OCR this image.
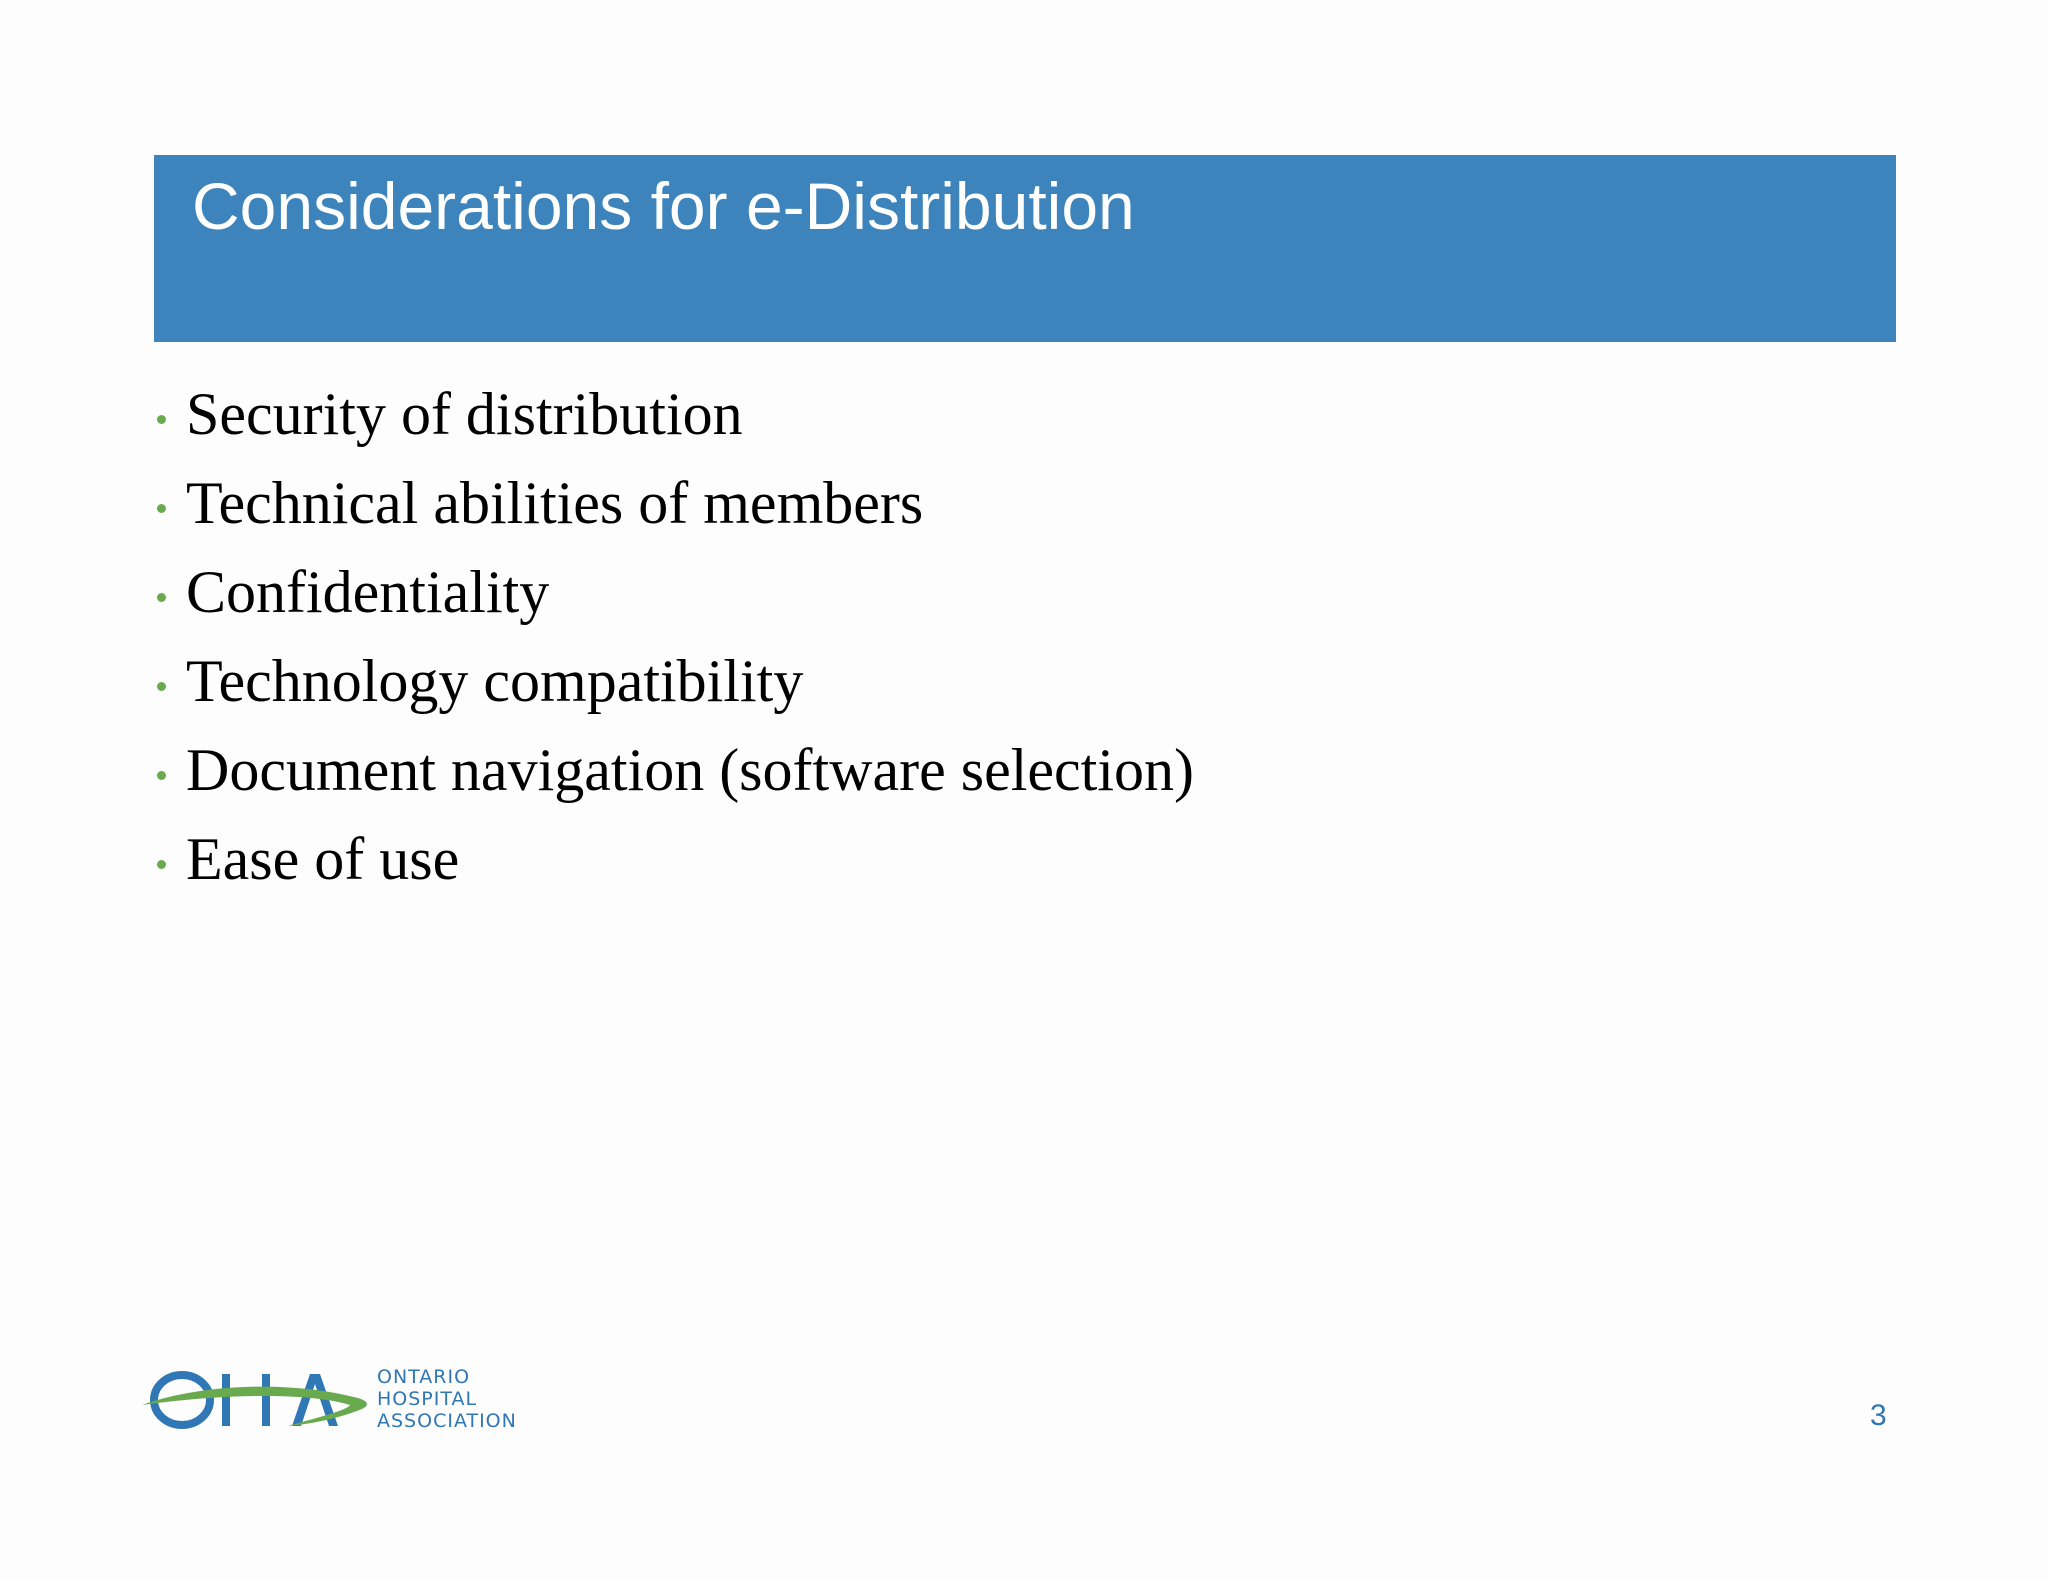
Considerations for e-Distribution
Security of distribution
Technical abilities of members
Confidentiality
Technology compatibility
Document navigation (software selection)
Ease of use
ONTARIO
HOSPITAL
ASSOCIATION	3
